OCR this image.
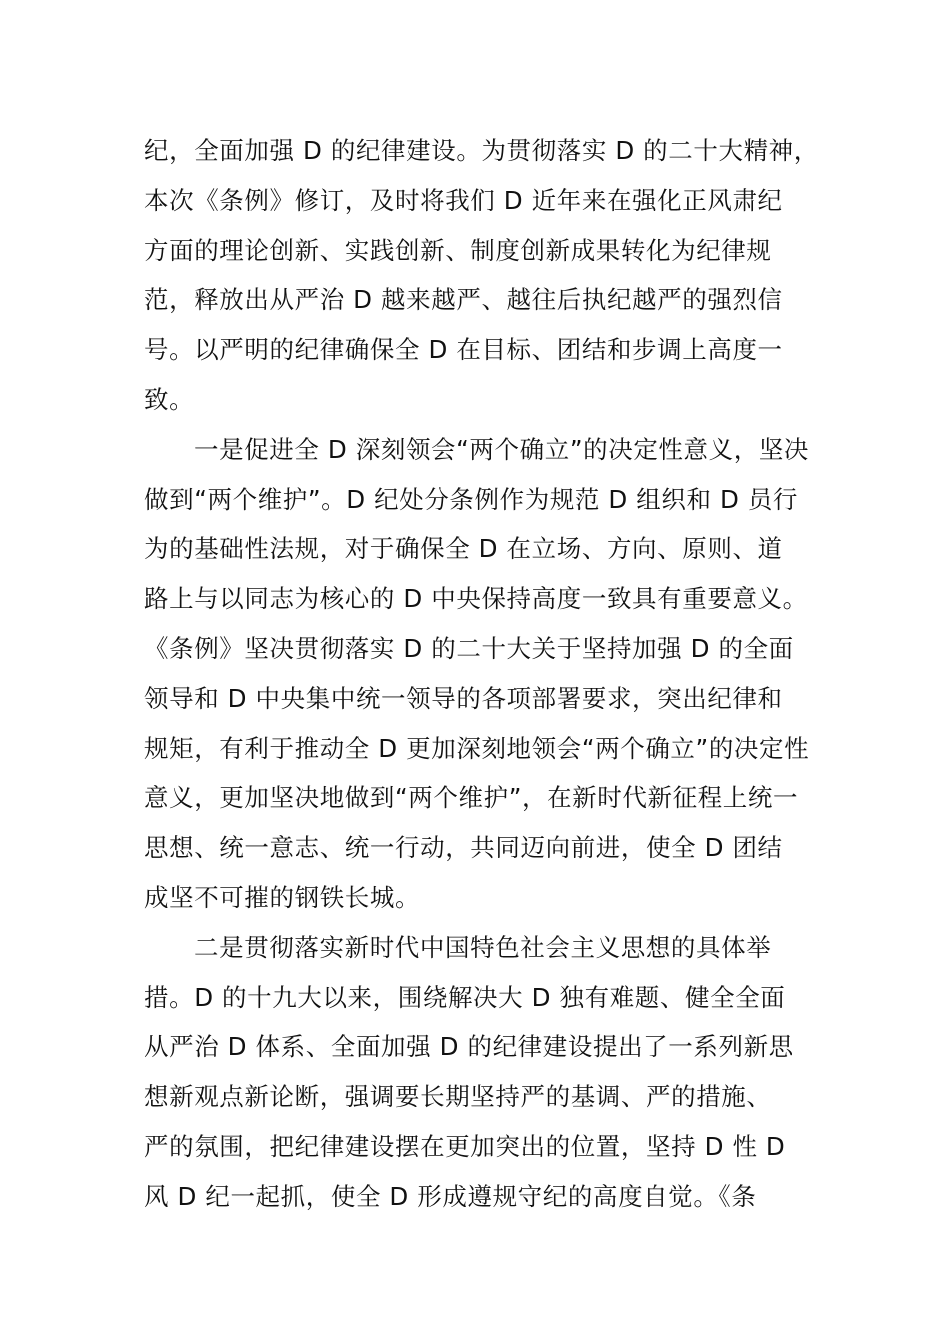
纪，全面加强 D 的纪律建设。为贯彻落实 D 的二十大精神，
本次《条例》修订，及时将我们 D 近年来在强化正风肃纪
方面的理论创新、实践创新、制度创新成果转化为纪律规
范，释放出从严治 D 越来越严、越往后执纪越严的强烈信
号。以严明的纪律确保全 D 在目标、团结和步调上高度一
致。
一是促进全 D 深刻领会“两个确立”的决定性意义，坚决
做到“两个维护”。D 纪处分条例作为规范 D 组织和 D 员行
为的基础性法规，对于确保全 D 在立场、方向、原则、道
路上与以同志为核心的 D 中央保持高度一致具有重要意义。
《条例》坚决贯彻落实 D 的二十大关于坚持加强 D 的全面
领导和 D 中央集中统一领导的各项部署要求，突出纪律和
规矩，有利于推动全 D 更加深刻地领会“两个确立”的决定性
意义，更加坚决地做到“两个维护”，在新时代新征程上统一
思想、统一意志、统一行动，共同迈向前进，使全 D 团结
成坚不可摧的钢铁长城。
二是贯彻落实新时代中国特色社会主义思想的具体举
措。D 的十九大以来，围绕解决大 D 独有难题、健全全面
从严治 D 体系、全面加强 D 的纪律建设提出了一系列新思
想新观点新论断，强调要长期坚持严的基调、严的措施、
严的氛围，把纪律建设摆在更加突出的位置，坚持 D 性 D
风 D 纪一起抓，使全 D 形成遵规守纪的高度自觉。《条
